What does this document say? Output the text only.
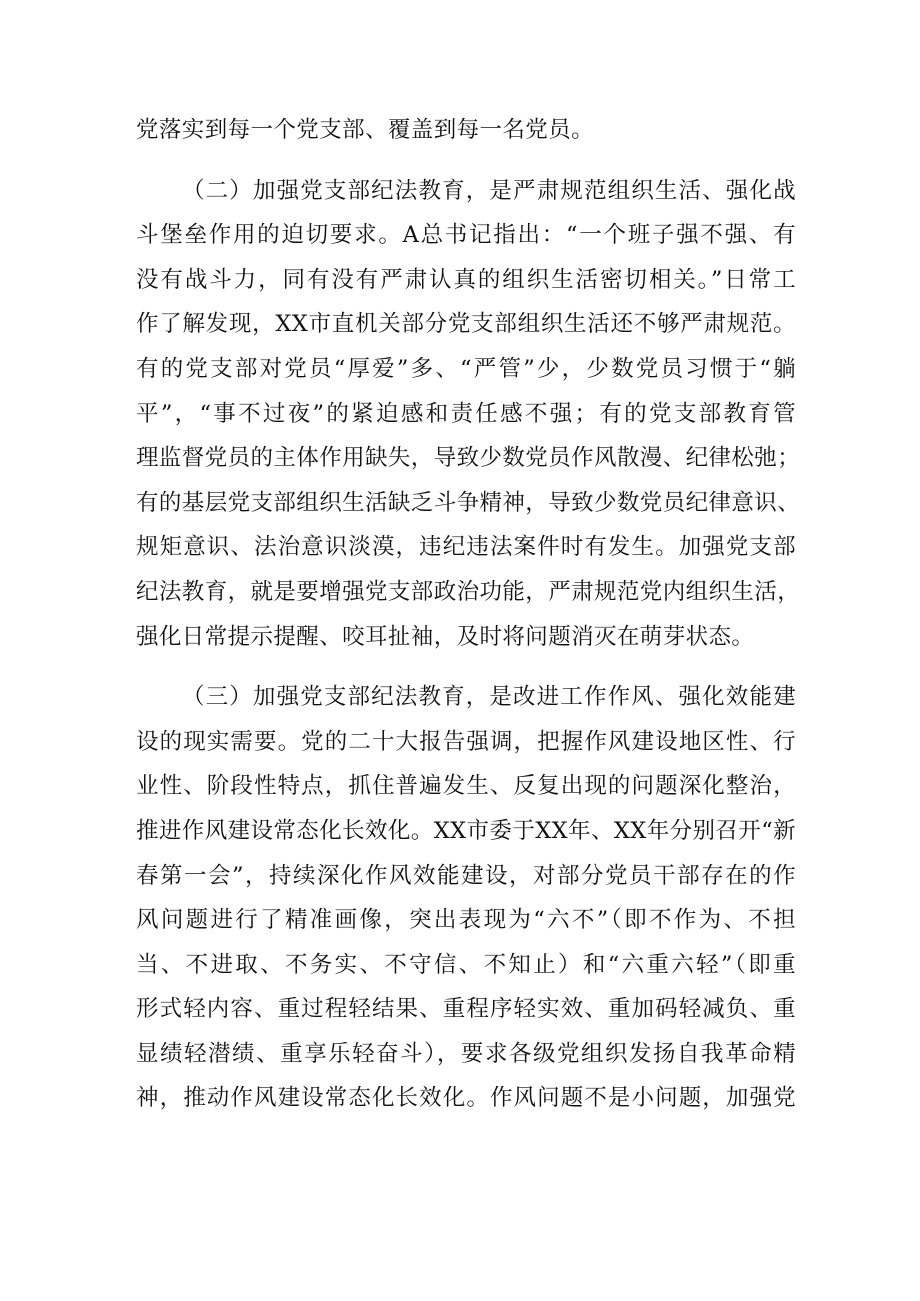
党落实到每一个党支部、覆盖到每一名党员。
（二）加强党支部纪法教育，是严肃规范组织生活、强化战
斗堡垒作用的迫切要求。A总书记指出：“一个班子强不强、有
没有战斗力，同有没有严肃认真的组织生活密切相关。”日常工
作了解发现，XX市直机关部分党支部组织生活还不够严肃规范。
有的党支部对党员“厚爱”多、“严管”少，少数党员习惯于“躺
平”，“事不过夜”的紧迫感和责任感不强；有的党支部教育管
理监督党员的主体作用缺失，导致少数党员作风散漫、纪律松弛；
有的基层党支部组织生活缺乏斗争精神，导致少数党员纪律意识、
规矩意识、法治意识淡漠，违纪违法案件时有发生。加强党支部
纪法教育，就是要增强党支部政治功能，严肃规范党内组织生活，
强化日常提示提醒、咬耳扯袖，及时将问题消灭在萌芽状态。
（三）加强党支部纪法教育，是改进工作作风、强化效能建
设的现实需要。党的二十大报告强调，把握作风建设地区性、行
业性、阶段性特点，抓住普遍发生、反复出现的问题深化整治，
推进作风建设常态化长效化。XX市委于XX年、XX年分别召开“新
春第一会”，持续深化作风效能建设，对部分党员干部存在的作
风问题进行了精准画像，突出表现为“六不”（即不作为、不担
当、不进取、不务实、不守信、不知止）和“六重六轻”（即重
形式轻内容、重过程轻结果、重程序轻实效、重加码轻减负、重
显绩轻潜绩、重享乐轻奋斗），要求各级党组织发扬自我革命精
神，推动作风建设常态化长效化。作风问题不是小问题，加强党
